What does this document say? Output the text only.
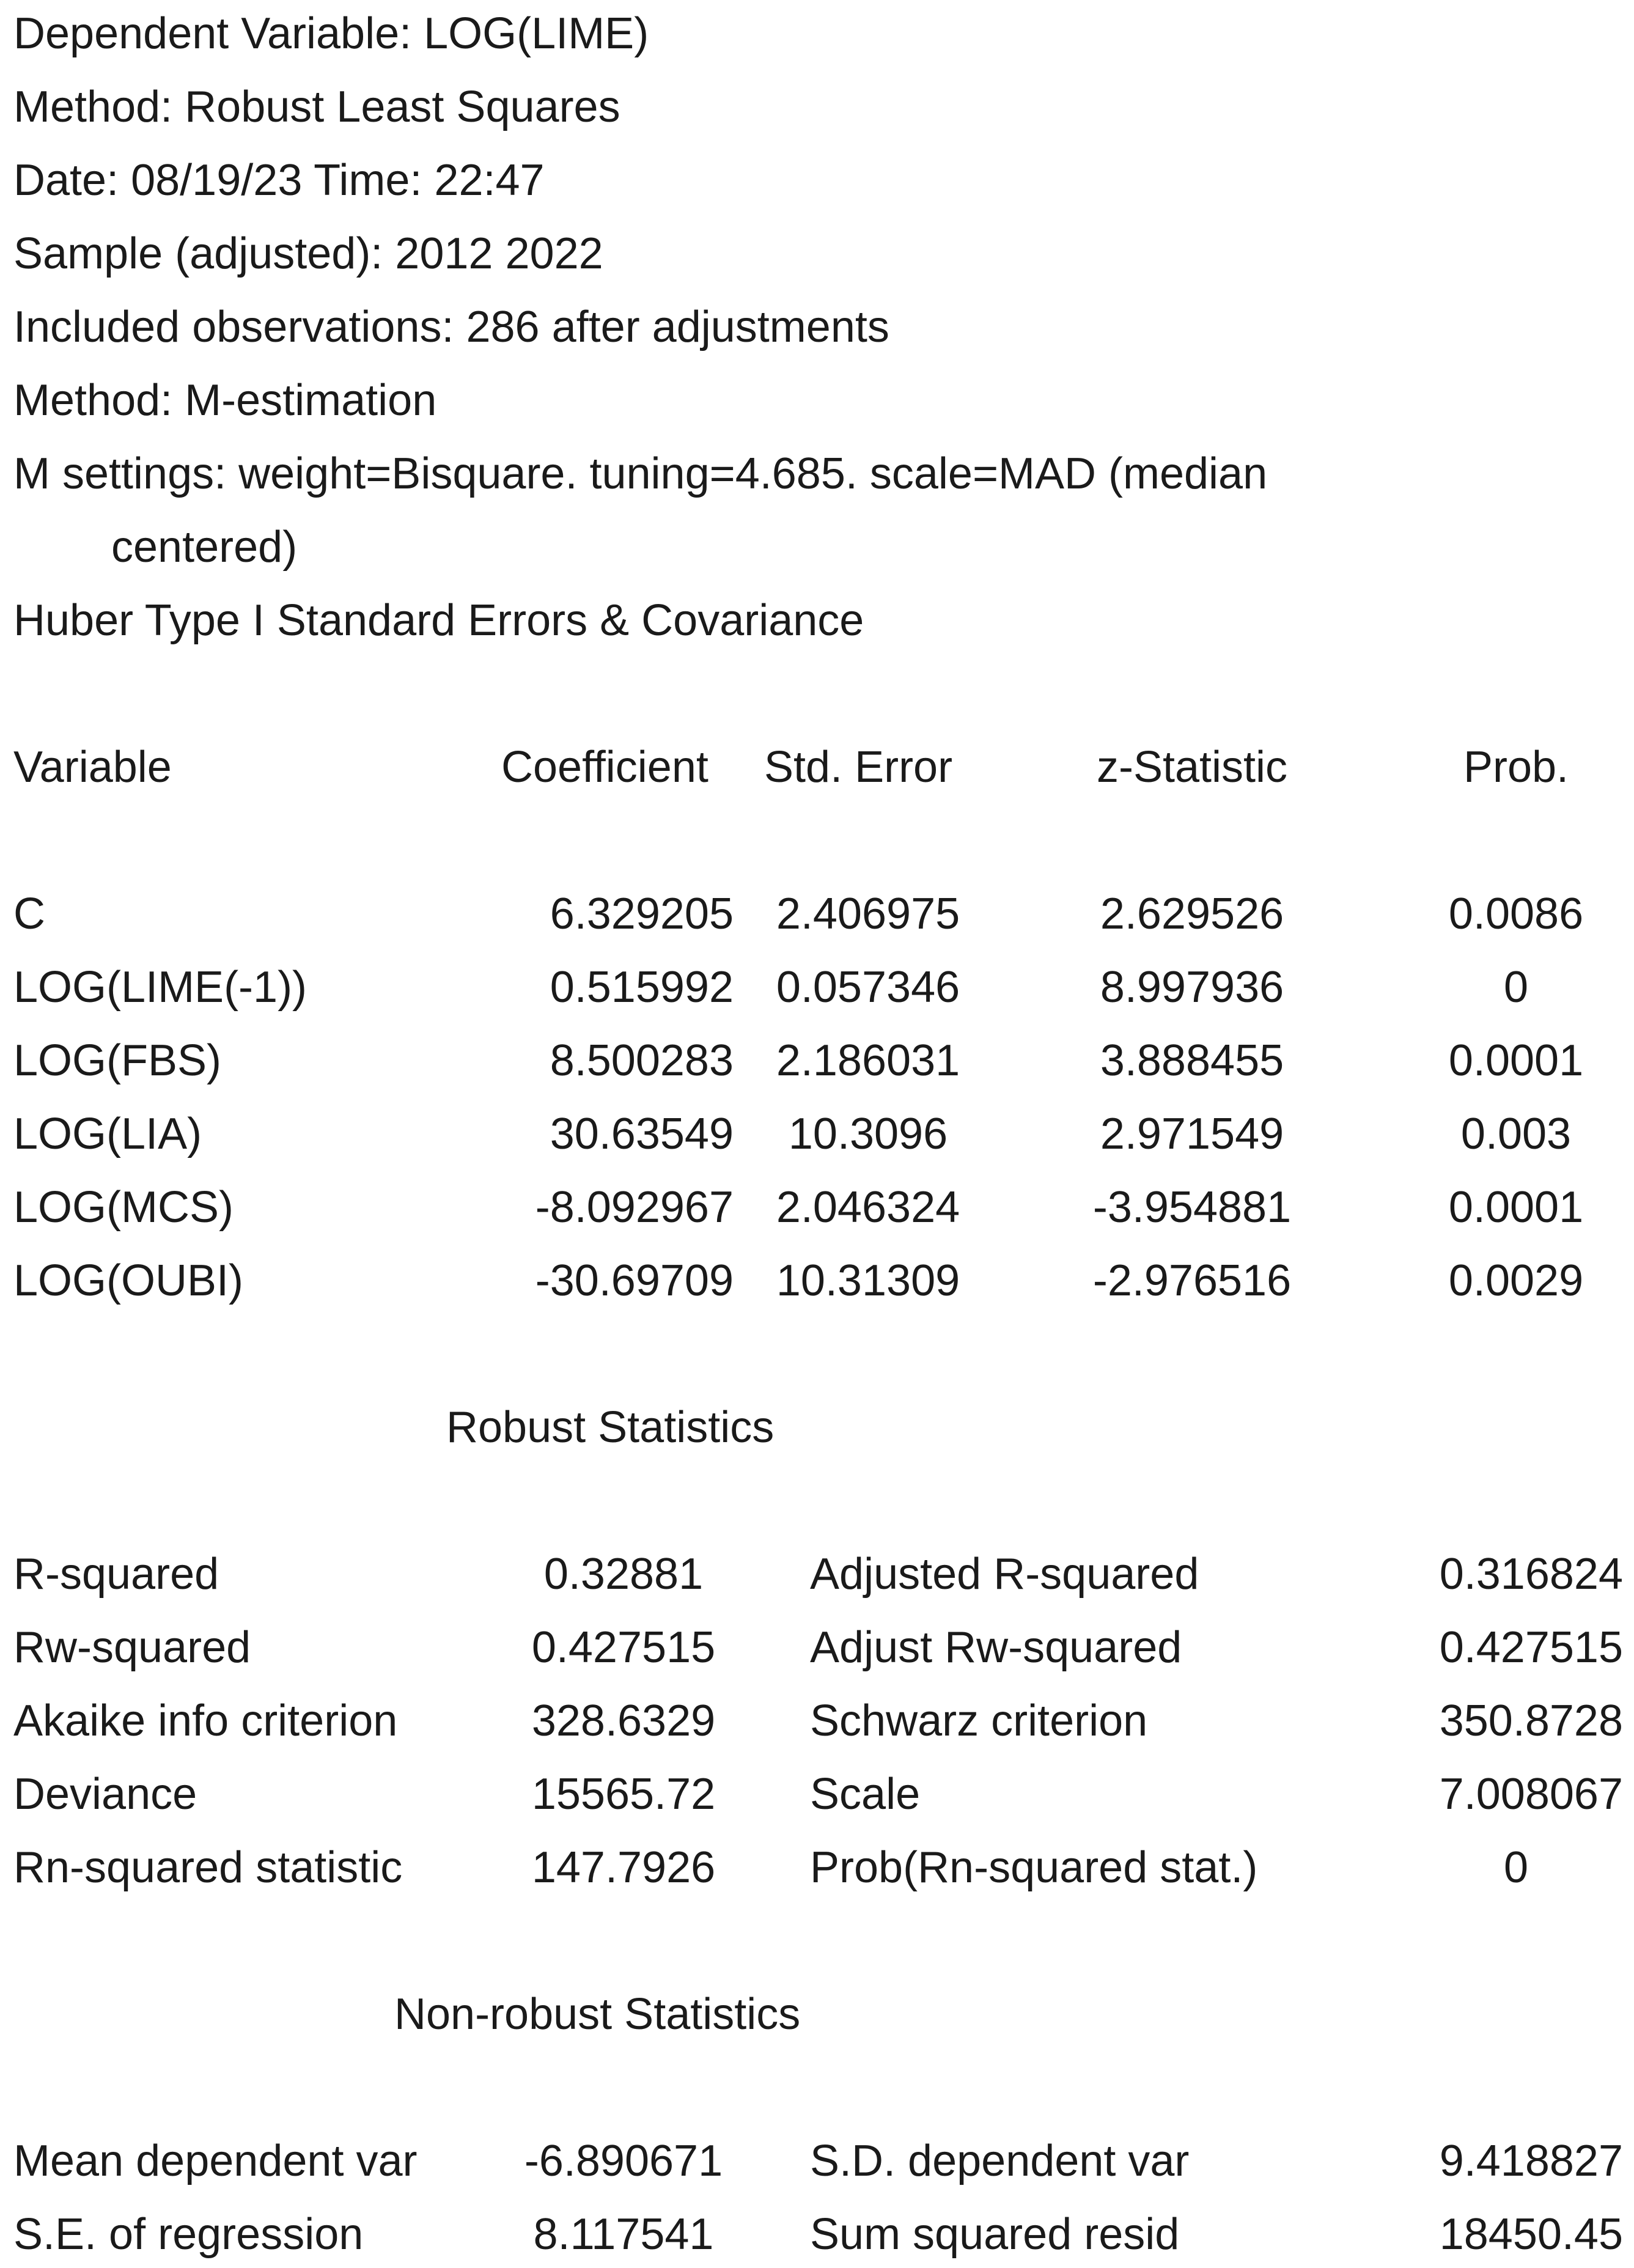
Dependent Variable: LOG(LIME)
Method: Robust Least Squares
Date: 08/19/23 Time: 22:47
Sample (adjusted): 2012 2022
Included observations: 286 after adjustments
Method: M-estimation
M settings: weight=Bisquare. tuning=4.685. scale=MAD (median
centered)
Huber Type I Standard Errors & Covariance
Variable	Coefficient Std. Error	z-Statistic	Prob.
C	6.329205 2.406975	2.629526	0.0086
LOG(LIME(-1))	0.515992 0.057346	8.997936	0
LOG(FBS)	8.500283 2.186031	3.888455	0.0001
LOG(LIA)	30.63549	10.3096	2.971549	0.003
LOG(MCS)	-8.092967 2.046324	-3.954881	0.0001
LOG(OUBI)	-30.69709 10.31309	-2.976516	0.0029
Robust Statistics
R-squared	0.32881	Adjusted R-squared	0.316824
Rw-squared	0.427515	Adjust Rw-squared	0.427515
Akaike info criterion	328.6329	Schwarz criterion	350.8728
Deviance	15565.72	Scale	7.008067
Rn-squared statistic	147.7926	Prob(Rn-squared stat.)	0
Non-robust Statistics
Mean dependent var	-6.890671	S.D. dependent var	9.418827
S.E. of regression	8.117541	Sum squared resid	18450.45
